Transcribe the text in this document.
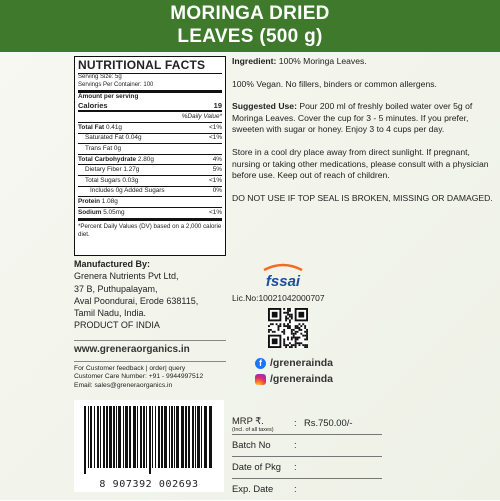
MORINGA DRIED
LEAVES (500 g)
NUTRITIONAL FACTS
Serving Size: 5g
Servings Per Container: 100
Amount per serving
Calories	19
%Daily Value*
Total Fat 0.41g	<1%
Saturated Fat 0.04g	<1%
Trans Fat 0g
Total Carbohydrate 2.80g	4%
Dietary Fiber 1.27g	5%
Total Sugars 0.03g	<1%
Includes 0g Added Sugars	0%
Protein 1.08g
Sodium 5.05mg	<1%
*Percent Daily Values (DV) based on a 2,000 calorie diet.

Ingredient: 100% Moringa Leaves.

100% Vegan. No fillers, binders or common allergens.

Suggested Use: Pour 200 ml of freshly boiled water over 5g of Moringa Leaves. Cover the cup for 3 - 5 minutes. If you prefer, sweeten with sugar or honey. Enjoy 3 to 4 cups per day.

Store in a cool dry place away from direct sunlight. If pregnant, nursing or taking other medications, please consult with a physician before use. Keep out of reach of children.

DO NOT USE IF TOP SEAL IS BROKEN, MISSING OR DAMAGED.

Manufactured By:
Grenera Nutrients Pvt Ltd,
37 B, Puthupalayam,
Aval Poondurai, Erode 638115,
Tamil Nadu, India.
PRODUCT OF INDIA
www.greneraorganics.in
For Customer feedback | order| query
Customer Care Number: +91 - 9944997512
Email: sales@greneraorganics.in
8 907392 002693
fssai
Lic.No:10021042000707
f /grenerainda
/grenerainda
MRP ₹.
(Incl. of all taxes)
: Rs.750.00/-
Batch No :
Date of Pkg :
Exp. Date :
